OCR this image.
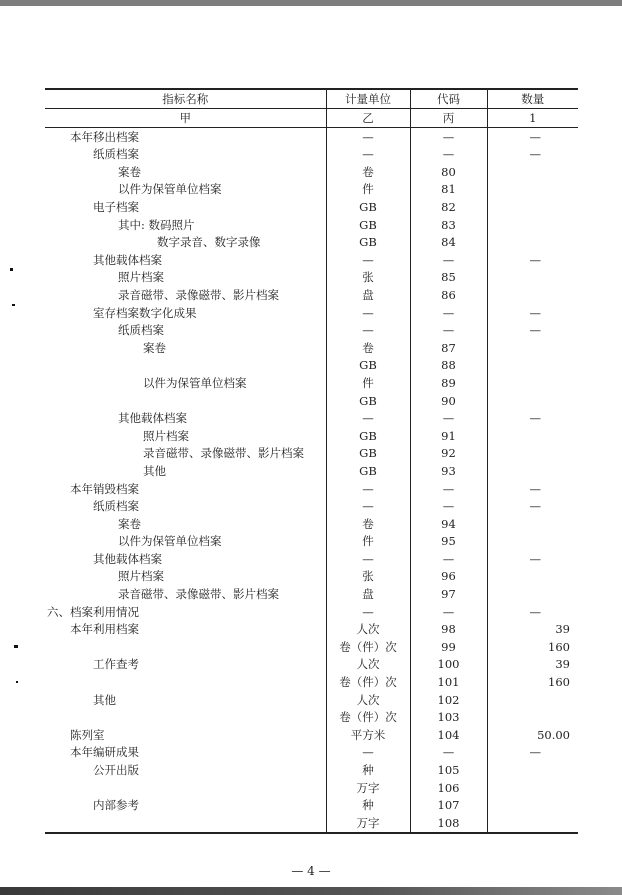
指标名称	计量单位	代码	数量
甲	乙	丙	1
本年移出档案	—	—	—
纸质档案	—	—	—
案卷	卷	80	
以件为保管单位档案	件	81	
电子档案	GB	82	
其中: 数码照片	GB	83	
数字录音、数字录像	GB	84	
其他载体档案	—	—	—
照片档案	张	85	
录音磁带、录像磁带、影片档案	盘	86	
室存档案数字化成果	—	—	—
纸质档案	—	—	—
案卷	卷	87	
	GB	88	
以件为保管单位档案	件	89	
	GB	90	
其他载体档案	—	—	—
照片档案	GB	91	
录音磁带、录像磁带、影片档案	GB	92	
其他	GB	93	
本年销毁档案	—	—	—
纸质档案	—	—	—
案卷	卷	94	
以件为保管单位档案	件	95	
其他载体档案	—	—	—
照片档案	张	96	
录音磁带、录像磁带、影片档案	盘	97	
六、档案利用情况	—	—	—
本年利用档案	人次	98	39
	卷（件）次	99	160
工作查考	人次	100	39
	卷（件）次	101	160
其他	人次	102	
	卷（件）次	103	
陈列室	平方米	104	50.00
本年编研成果	—	—	—
公开出版	种	105	
	万字	106	
内部参考	种	107	
	万字	108	
— 4 —
